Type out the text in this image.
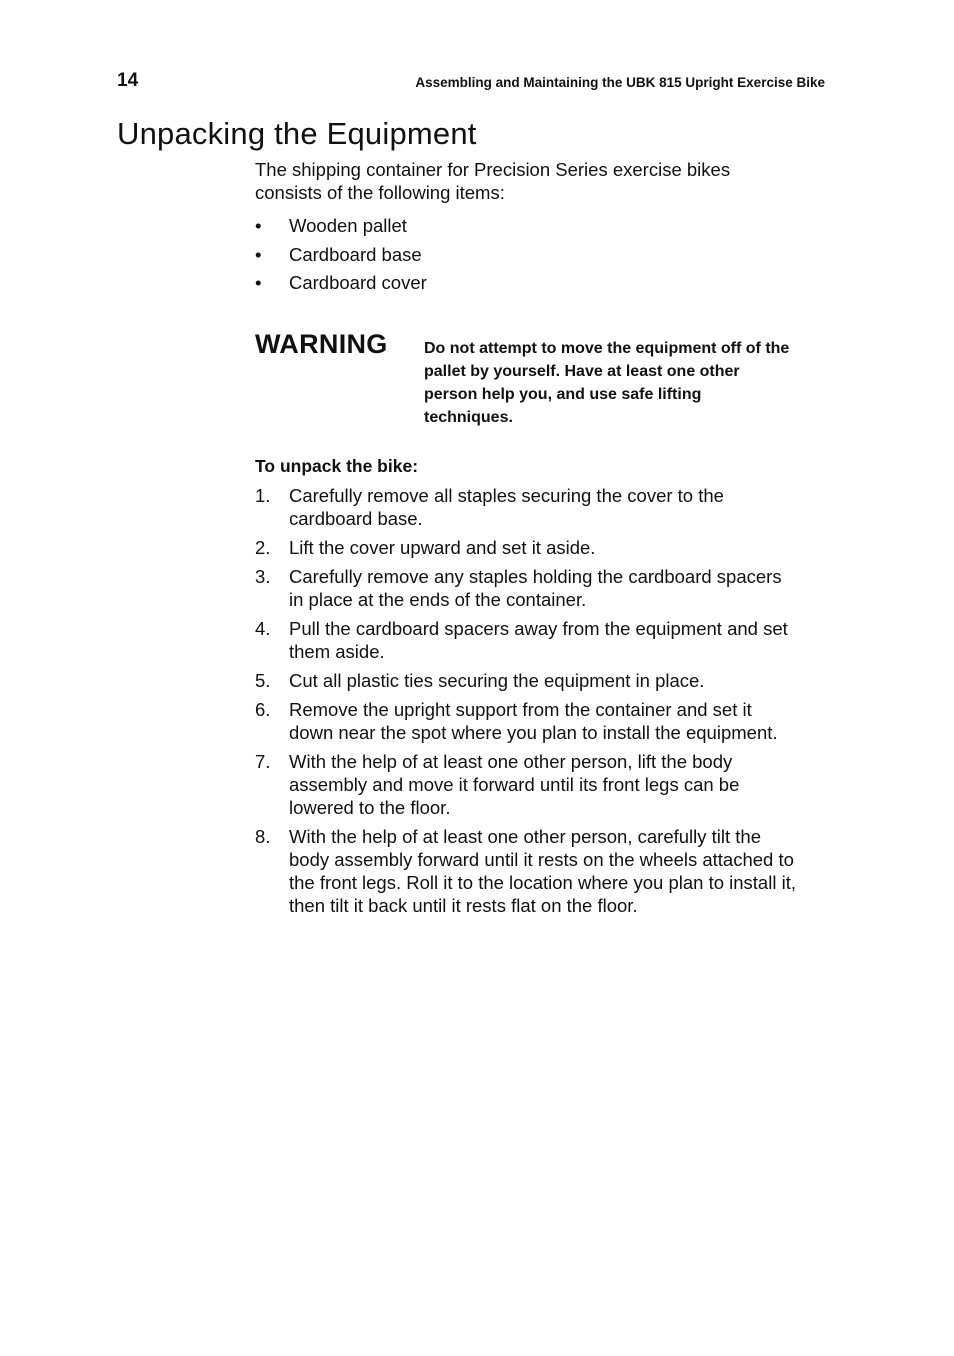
14	Assembling and Maintaining the UBK 815 Upright Exercise Bike
Unpacking the Equipment

The shipping container for Precision Series exercise bikes consists of the following items:

• Wooden pallet
• Cardboard base
• Cardboard cover
WARNING Do not attempt to move the equipment off of the pallet by yourself. Have at least one other person help you, and use safe lifting techniques.
To unpack the bike:
1. Carefully remove all staples securing the cover to the cardboard base.
2. Lift the cover upward and set it aside.
3. Carefully remove any staples holding the cardboard spacers in place at the ends of the container.
4. Pull the cardboard spacers away from the equipment and set them aside.
5. Cut all plastic ties securing the equipment in place.
6. Remove the upright support from the container and set it down near the spot where you plan to install the equipment.
7. With the help of at least one other person, lift the body assembly and move it forward until its front legs can be lowered to the floor.
8. With the help of at least one other person, carefully tilt the body assembly forward until it rests on the wheels attached to the front legs. Roll it to the location where you plan to install it, then tilt it back until it rests flat on the floor.
